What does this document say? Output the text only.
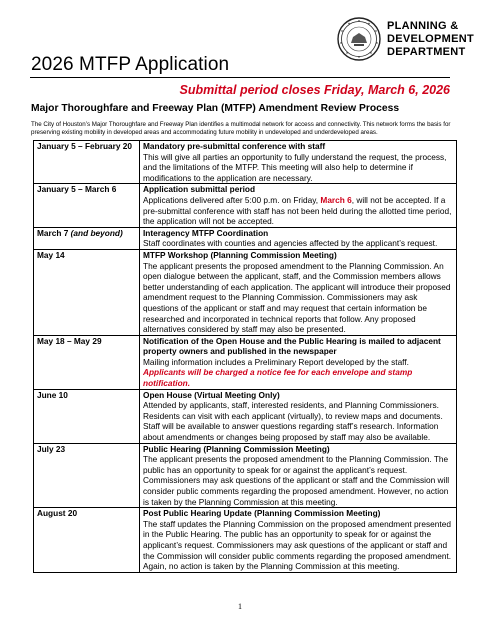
2026 MTFP Application
PLANNING &
DEVELOPMENT
DEPARTMENT
Submittal period closes Friday, March 6, 2026
Major Thoroughfare and Freeway Plan (MTFP) Amendment Review Process
The City of Houston’s Major Thoroughfare and Freeway Plan identifies a multimodal network for access and connectivity. This network forms the basis for preserving existing mobility in developed areas and accommodating future mobility in undeveloped and underdeveloped areas.
January 5 – February 20	Mandatory pre-submittal conference with staff
This will give all parties an opportunity to fully understand the request, the process, and the limitations of the MTFP. This meeting will also help to determine if modifications to the application are necessary.

January 5 – March 6	Application submittal period
Applications delivered after 5:00 p.m. on Friday, March 6, will not be accepted. If a pre-submittal conference with staff has not been held during the allotted time period, the application will not be accepted.

March 7 (and beyond)	Interagency MTFP Coordination
Staff coordinates with counties and agencies affected by the applicant’s request.

May 14	MTFP Workshop (Planning Commission Meeting)
The applicant presents the proposed amendment to the Planning Commission. An open dialogue between the applicant, staff, and the Commission members allows better understanding of each application. The applicant will introduce their proposed amendment request to the Planning Commission. Commissioners may ask questions of the applicant or staff and may request that certain information be researched and incorporated in technical reports that follow. Any proposed alternatives considered by staff may also be presented.

May 18 – May 29	Notification of the Open House and the Public Hearing is mailed to adjacent property owners and published in the newspaper
Mailing information includes a Preliminary Report developed by the staff.
Applicants will be charged a notice fee for each envelope and stamp notification.

June 10	Open House (Virtual Meeting Only)
Attended by applicants, staff, interested residents, and Planning Commissioners. Residents can visit with each applicant (virtually), to review maps and documents. Staff will be available to answer questions regarding staff’s research. Information about amendments or changes being proposed by staff may also be available.

July 23	Public Hearing (Planning Commission Meeting)
The applicant presents the proposed amendment to the Planning Commission. The public has an opportunity to speak for or against the applicant’s request. Commissioners may ask questions of the applicant or staff and the Commission will consider public comments regarding the proposed amendment. However, no action is taken by the Planning Commission at this meeting.

August 20	Post Public Hearing Update (Planning Commission Meeting)
The staff updates the Planning Commission on the proposed amendment presented in the Public Hearing. The public has an opportunity to speak for or against the applicant’s request. Commissioners may ask questions of the applicant or staff and the Commission will consider public comments regarding the proposed amendment. Again, no action is taken by the Planning Commission at this meeting.
1
